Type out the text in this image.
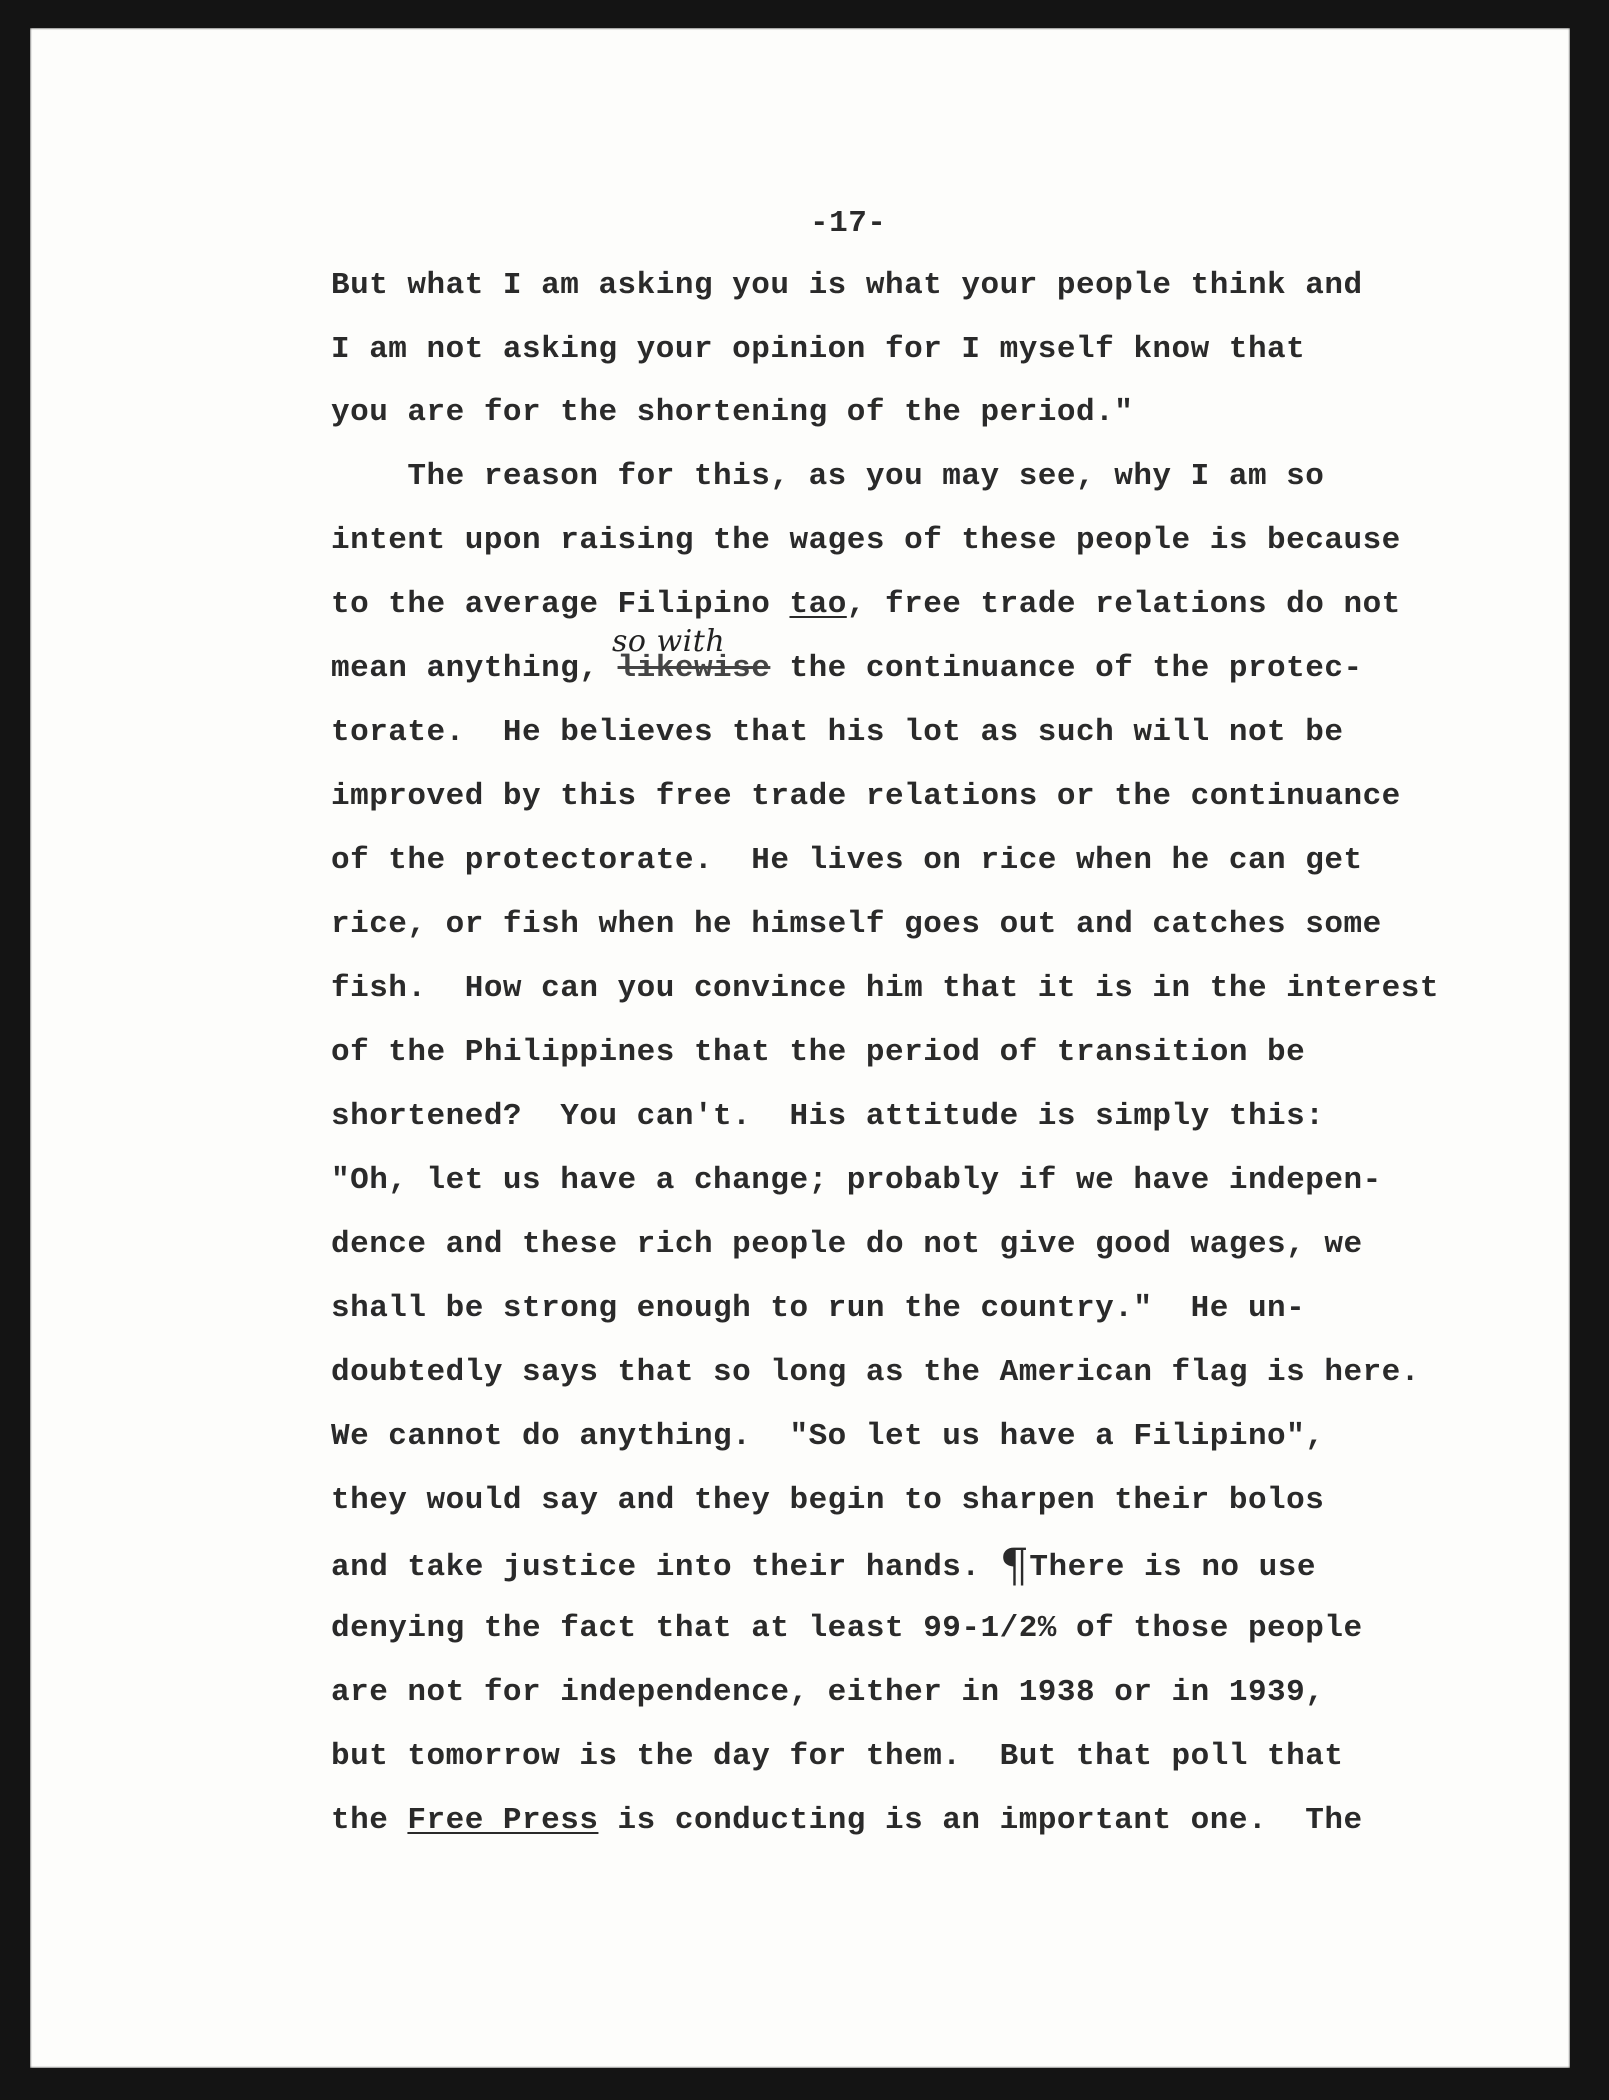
-17-
But what I am asking you is what your people think and
I am not asking your opinion for I myself know that
you are for the shortening of the period."
The reason for this, as you may see, why I am so
intent upon raising the wages of these people is because
to the average Filipino tao, free trade relations do not
so with
mean anything, likewise the continuance of the protec-
torate.  He believes that his lot as such will not be
improved by this free trade relations or the continuance
of the protectorate.  He lives on rice when he can get
rice, or fish when he himself goes out and catches some
fish.  How can you convince him that it is in the interest
of the Philippines that the period of transition be
shortened?  You can't.  His attitude is simply this:
"Oh, let us have a change; probably if we have indepen-
dence and these rich people do not give good wages, we
shall be strong enough to run the country."  He un-
doubtedly says that so long as the American flag is here.
We cannot do anything.  "So let us have a Filipino",
they would say and they begin to sharpen their bolos
and take justice into their hands. ¶There is no use
denying the fact that at least 99-1/2% of those people
are not for independence, either in 1938 or in 1939,
but tomorrow is the day for them.  But that poll that
the Free Press is conducting is an important one.  The
